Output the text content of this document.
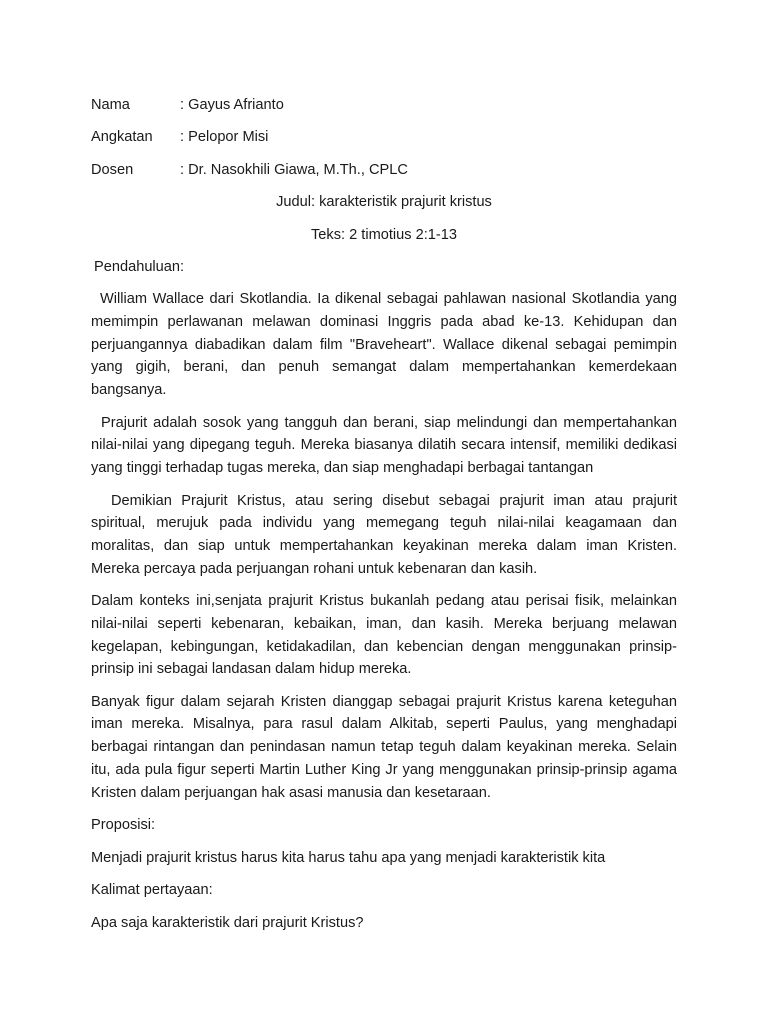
Nama	: Gayus Afrianto
Angkatan	: Pelopor Misi
Dosen	: Dr. Nasokhili Giawa, M.Th., CPLC
Judul: karakteristik prajurit kristus
Teks: 2 timotius 2:1-13
Pendahuluan:

William Wallace dari Skotlandia. Ia dikenal sebagai pahlawan nasional Skotlandia yang memimpin perlawanan melawan dominasi Inggris pada abad ke-13. Kehidupan dan perjuangannya diabadikan dalam film "Braveheart". Wallace dikenal sebagai pemimpin yang gigih, berani, dan penuh semangat dalam mempertahankan kemerdekaan bangsanya.

Prajurit adalah sosok yang tangguh dan berani, siap melindungi dan mempertahankan nilai-nilai yang dipegang teguh. Mereka biasanya dilatih secara intensif, memiliki dedikasi yang tinggi terhadap tugas mereka, dan siap menghadapi berbagai tantangan

Demikian Prajurit Kristus, atau sering disebut sebagai prajurit iman atau prajurit spiritual, merujuk pada individu yang memegang teguh nilai-nilai keagamaan dan moralitas, dan siap untuk mempertahankan keyakinan mereka dalam iman Kristen. Mereka percaya pada perjuangan rohani untuk kebenaran dan kasih.

Dalam konteks ini,senjata prajurit Kristus bukanlah pedang atau perisai fisik, melainkan nilai-nilai seperti kebenaran, kebaikan, iman, dan kasih. Mereka berjuang melawan kegelapan, kebingungan, ketidakadilan, dan kebencian dengan menggunakan prinsip-prinsip ini sebagai landasan dalam hidup mereka.

Banyak figur dalam sejarah Kristen dianggap sebagai prajurit Kristus karena keteguhan iman mereka. Misalnya, para rasul dalam Alkitab, seperti Paulus, yang menghadapi berbagai rintangan dan penindasan namun tetap teguh dalam keyakinan mereka. Selain itu, ada pula figur seperti Martin Luther King Jr yang menggunakan prinsip-prinsip agama Kristen dalam perjuangan hak asasi manusia dan kesetaraan.

Proposisi:
Menjadi prajurit kristus harus kita harus tahu apa yang menjadi karakteristik kita
Kalimat pertayaan:
Apa saja karakteristik dari prajurit Kristus?
